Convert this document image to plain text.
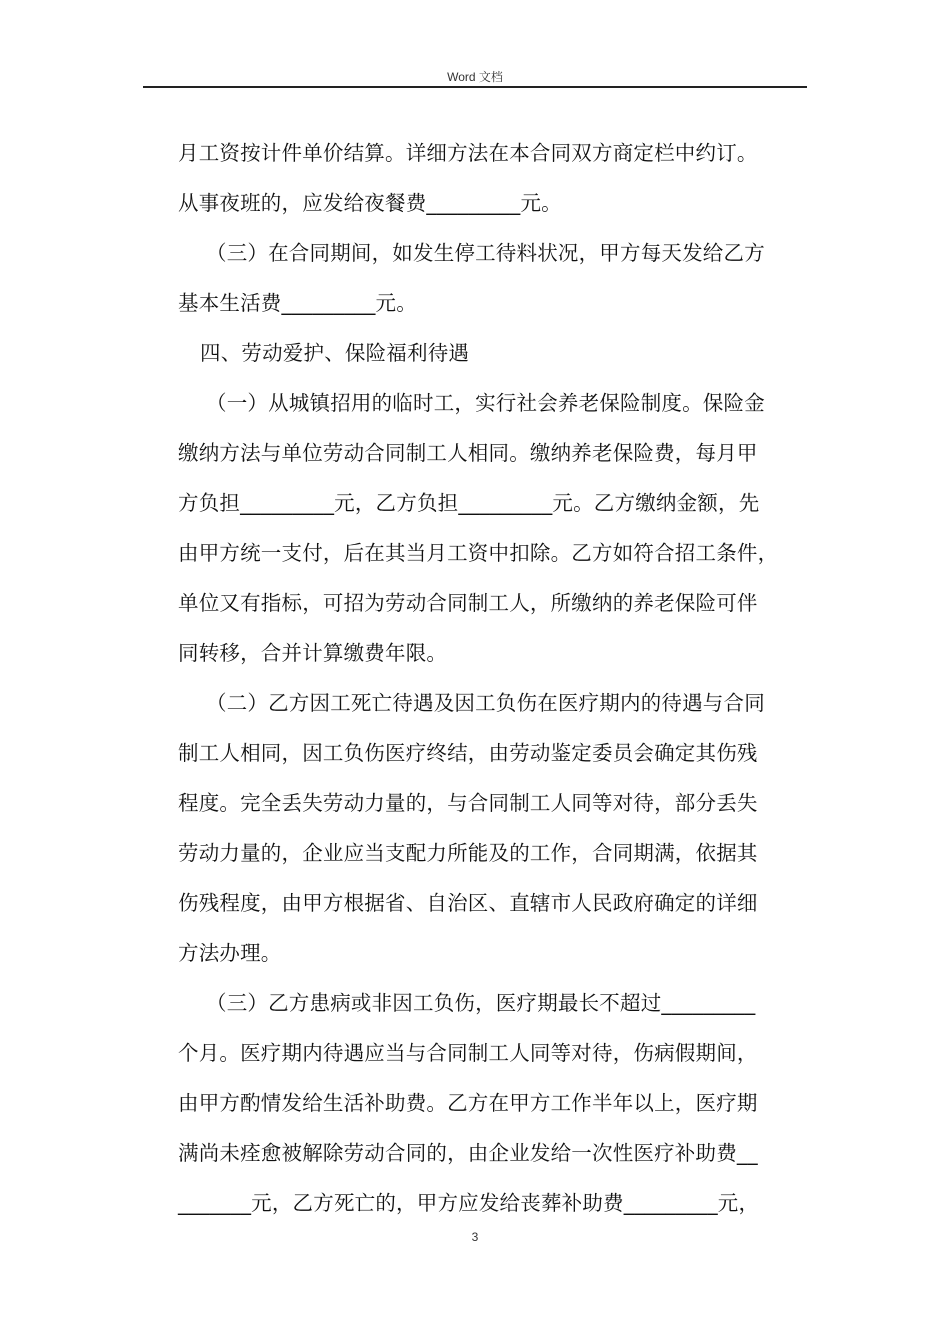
Word 文档
月工资按计件单价结算。详细方法在本合同双方商定栏中约订。
从事夜班的，应发给夜餐费_________元。
（三）在合同期间，如发生停工待料状况，甲方每天发给乙方
基本生活费_________元。
四、劳动爱护、保险福利待遇
（一）从城镇招用的临时工，实行社会养老保险制度。保险金
缴纳方法与单位劳动合同制工人相同。缴纳养老保险费，每月甲
方负担_________元，乙方负担_________元。乙方缴纳金额，先
由甲方统一支付，后在其当月工资中扣除。乙方如符合招工条件，
单位又有指标，可招为劳动合同制工人，所缴纳的养老保险可伴
同转移，合并计算缴费年限。
（二）乙方因工死亡待遇及因工负伤在医疗期内的待遇与合同
制工人相同，因工负伤医疗终结，由劳动鉴定委员会确定其伤残
程度。完全丢失劳动力量的，与合同制工人同等对待，部分丢失
劳动力量的，企业应当支配力所能及的工作，合同期满，依据其
伤残程度，由甲方根据省、自治区、直辖市人民政府确定的详细
方法办理。
（三）乙方患病或非因工负伤，医疗期最长不超过_________
个月。医疗期内待遇应当与合同制工人同等对待，伤病假期间，
由甲方酌情发给生活补助费。乙方在甲方工作半年以上，医疗期
满尚未痊愈被解除劳动合同的，由企业发给一次性医疗补助费__
_______元，乙方死亡的，甲方应发给丧葬补助费_________元，
3
